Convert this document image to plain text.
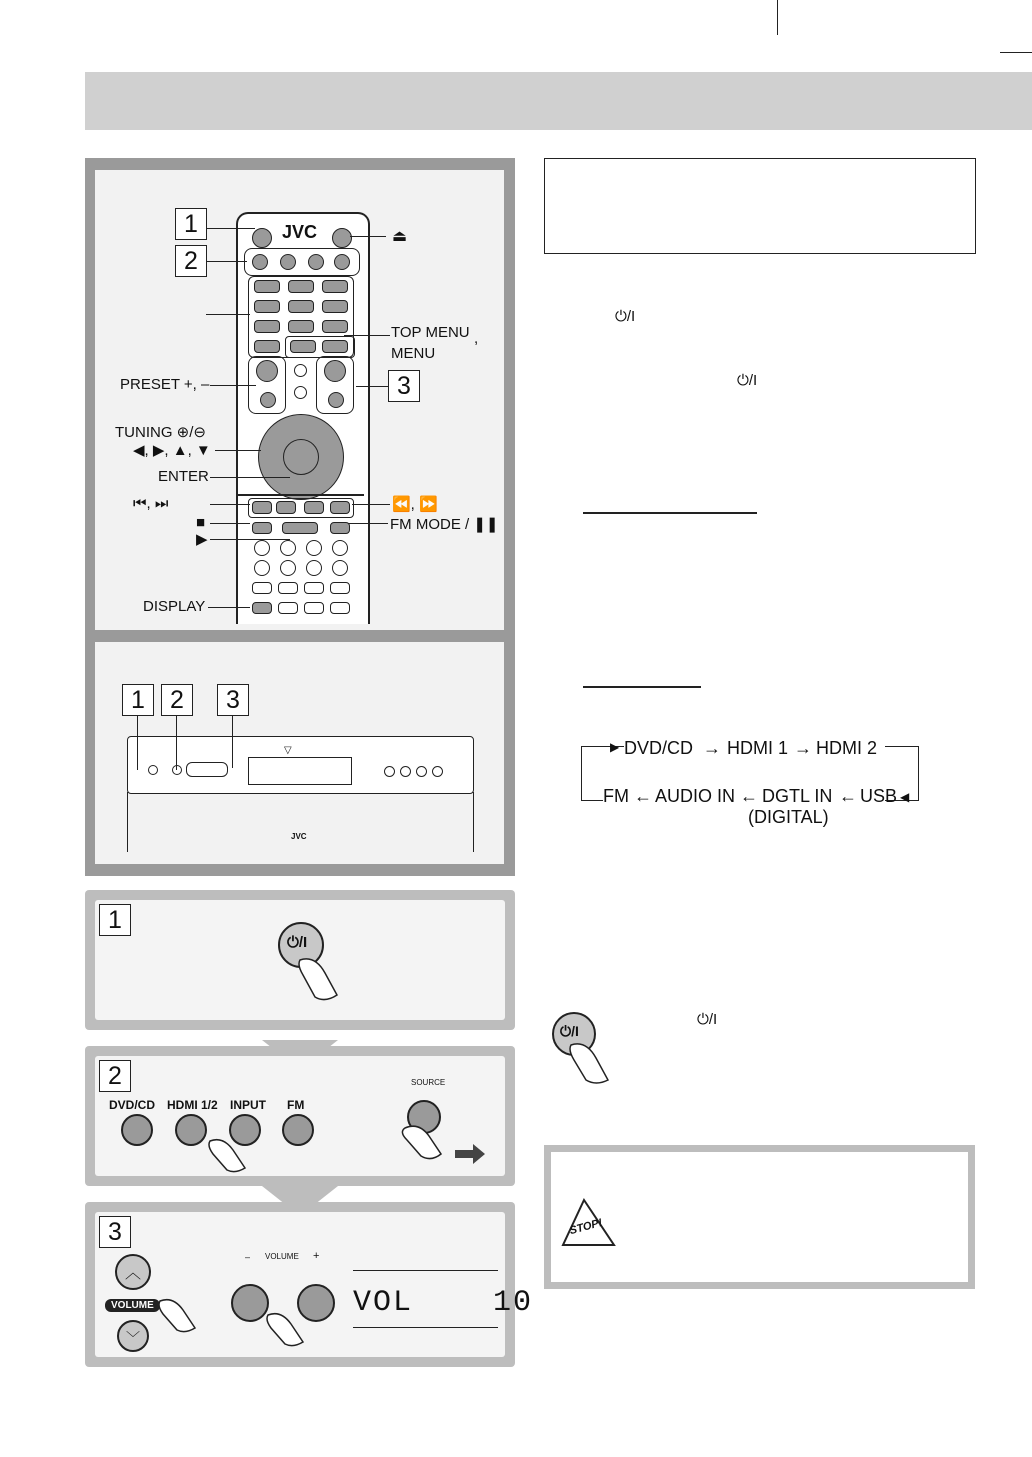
JVC
1
2
3
⏏
TOP MENU ,
MENU
PRESET +, –
TUNING ⊕/⊖
◀, ▶, ▲, ▼
ENTER
⏮, ⏭	⏪, ⏩
■
▶
FM MODE / ❚❚
DISPLAY
1	2	3
▽
JVC
1
⏻/I
2
DVD/CD HDMI 1/2 INPUT FM
SOURCE
3
︿
VOLUME
﹀
– VOLUME +
VOL    10
⏻/I
⏻/I
▶ DVD/CD → HDMI 1 → HDMI 2
FM ← AUDIO IN ← DGTL IN ← USB ◀
(DIGITAL)
⏻/I
⏻/I
STOP!
